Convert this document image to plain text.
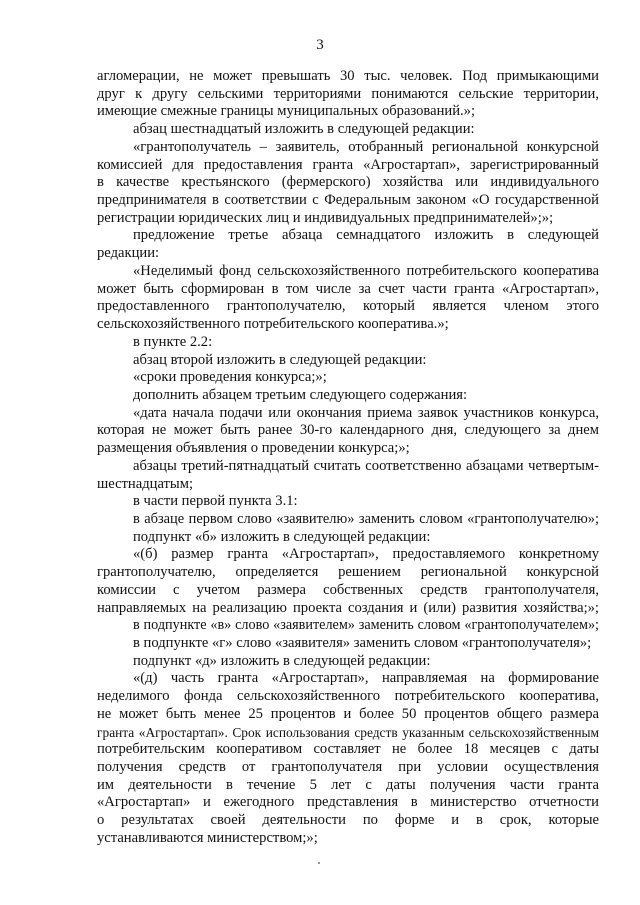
3
агломерации, не может превышать 30 тыс. человек. Под примыкающими
друг к другу сельскими территориями понимаются сельские территории,
имеющие смежные границы муниципальных образований.»;
абзац шестнадцатый изложить в следующей редакции:
«грантополучатель – заявитель, отобранный региональной конкурсной
комиссией для предоставления гранта «Агростартап», зарегистрированный
в качестве крестьянского (фермерского) хозяйства или индивидуального
предпринимателя в соответствии с Федеральным законом «О государственной
регистрации юридических лиц и индивидуальных предпринимателей»;»;
предложение третье абзаца семнадцатого изложить в следующей
редакции:
«Неделимый фонд сельскохозяйственного потребительского кооператива
может быть сформирован в том числе за счет части гранта «Агростартап»,
предоставленного грантополучателю, который является членом этого
сельскохозяйственного потребительского кооператива.»;
в пункте 2.2:
абзац второй изложить в следующей редакции:
«сроки проведения конкурса;»;
дополнить абзацем третьим следующего содержания:
«дата начала подачи или окончания приема заявок участников конкурса,
которая не может быть ранее 30-го календарного дня, следующего за днем
размещения объявления о проведении конкурса;»;
абзацы третий-пятнадцатый считать соответственно абзацами четвертым-
шестнадцатым;
в части первой пункта 3.1:
в абзаце первом слово «заявителю» заменить словом «грантополучателю»;
подпункт «б» изложить в следующей редакции:
«(б) размер гранта «Агростартап», предоставляемого конкретному
грантополучателю, определяется решением региональной конкурсной
комиссии с учетом размера собственных средств грантополучателя,
направляемых на реализацию проекта создания и (или) развития хозяйства;»;
в подпункте «в» слово «заявителем» заменить словом «грантополучателем»;
в подпункте «г» слово «заявителя» заменить словом «грантополучателя»;
подпункт «д» изложить в следующей редакции:
«(д) часть гранта «Агростартап», направляемая на формирование
неделимого фонда сельскохозяйственного потребительского кооператива,
не может быть менее 25 процентов и более 50 процентов общего размера
гранта «Агростартап». Срок использования средств указанным сельскохозяйственным
потребительским кооперативом составляет не более 18 месяцев с даты
получения средств от грантополучателя при условии осуществления
им деятельности в течение 5 лет с даты получения части гранта
«Агростартап» и ежегодного представления в министерство отчетности
о результатах своей деятельности по форме и в срок, которые
устанавливаются министерством;»;
